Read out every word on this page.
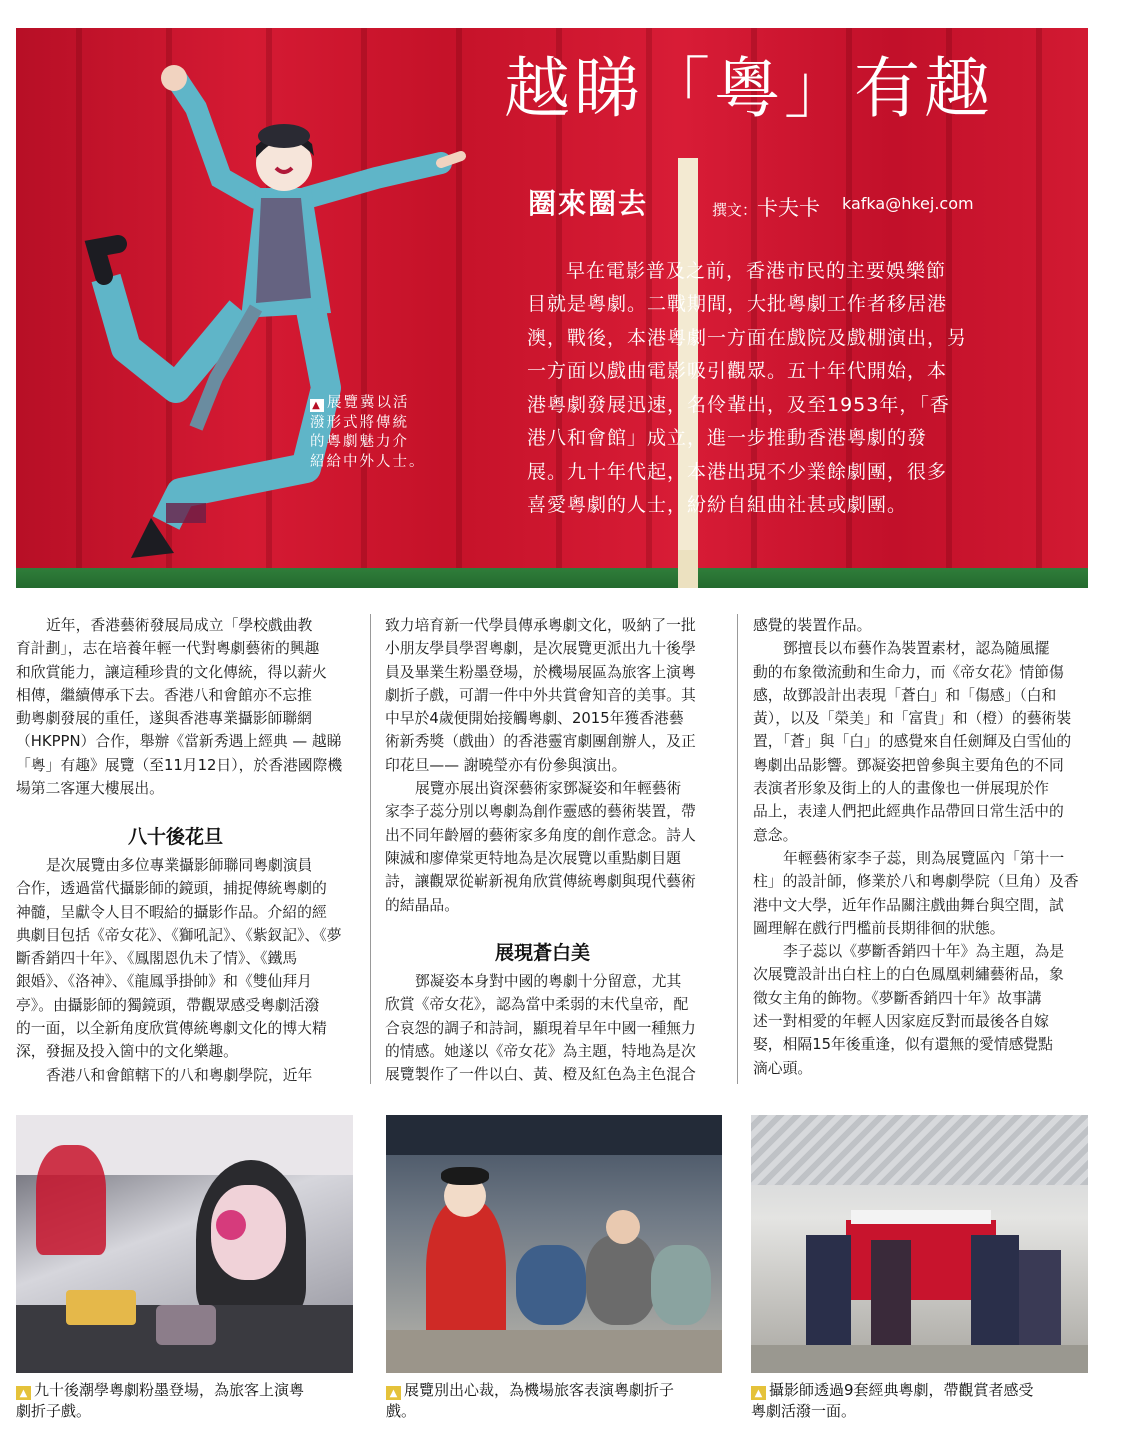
越睇「粵」有趣
圈來圈去	撰文：卡夫卡 kafka@hkej.com
早在電影普及之前，香港市民的主要娛樂節
目就是粵劇。二戰期間，大批粵劇工作者移居港
澳，戰後，本港粵劇一方面在戲院及戲棚演出，另
一方面以戲曲電影吸引觀眾。五十年代開始，本
港粵劇發展迅速，名伶輩出，及至1953年，「香
港八和會館」成立，進一步推動香港粵劇的發
展。九十年代起，本港出現不少業餘劇團，很多
喜愛粵劇的人士，紛紛自組曲社甚或劇團。
▲ 展覽冀以活
潑形式將傳統
的粵劇魅力介
紹給中外人士。
近年，香港藝術發展局成立「學校戲曲教
育計劃」，志在培養年輕一代對粵劇藝術的興趣
和欣賞能力，讓這種珍貴的文化傳統，得以薪火
相傳，繼續傳承下去。香港八和會館亦不忘推
動粵劇發展的重任，遂與香港專業攝影師聯網
（HKPPN）合作，舉辦《當新秀遇上經典 — 越睇
「粵」有趣》展覽（至11月12日），於香港國際機
場第二客運大樓展出。
八十後花旦
是次展覽由多位專業攝影師聯同粵劇演員
合作，透過當代攝影師的鏡頭，捕捉傳統粵劇的
神髓，呈獻令人目不暇給的攝影作品。介紹的經
典劇目包括《帝女花》、《獅吼記》、《紫釵記》、《夢
斷香銷四十年》、《鳳閣恩仇未了情》、《鐵馬
銀婚》、《洛神》、《龍鳳爭掛帥》和《雙仙拜月
亭》。由攝影師的獨鏡頭，帶觀眾感受粵劇活潑
的一面，以全新角度欣賞傳統粵劇文化的博大精
深，發掘及投入箇中的文化樂趣。
香港八和會館轄下的八和粵劇學院，近年
致力培育新一代學員傳承粵劇文化，吸納了一批
小朋友學員學習粵劇，是次展覽更派出九十後學
員及畢業生粉墨登場，於機場展區為旅客上演粵
劇折子戲，可謂一件中外共賞會知音的美事。其
中早於4歲便開始接觸粵劇、2015年獲香港藝
術新秀獎（戲曲）的香港靈宵劇團創辦人，及正
印花旦—— 謝曉瑩亦有份參與演出。
展覽亦展出資深藝術家鄧凝姿和年輕藝術
家李子蕊分別以粵劇為創作靈感的藝術裝置，帶
出不同年齡層的藝術家多角度的創作意念。詩人
陳滅和廖偉棠更特地為是次展覽以重點劇目題
詩，讓觀眾從嶄新視角欣賞傳統粵劇與現代藝術
的結晶品。
展現蒼白美
鄧凝姿本身對中國的粵劇十分留意，尤其
欣賞《帝女花》，認為當中柔弱的末代皇帝，配
合哀怨的調子和詩詞，顯現着早年中國一種無力
的情感。她遂以《帝女花》為主題，特地為是次
展覽製作了一件以白、黃、橙及紅色為主色混合
感覺的裝置作品。
鄧擅長以布藝作為裝置素材，認為隨風擺
動的布象徵流動和生命力，而《帝女花》情節傷
感，故鄧設計出表現「蒼白」和「傷感」（白和
黃），以及「榮美」和「富貴」和（橙）的藝術裝
置，「蒼」與「白」的感覺來自任劍輝及白雪仙的
粵劇出品影響。鄧凝姿把曾參與主要角色的不同
表演者形象及街上的人的畫像也一併展現於作
品上，表達人們把此經典作品帶回日常生活中的
意念。
年輕藝術家李子蕊，則為展覽區內「第十一
柱」的設計師，修業於八和粵劇學院（旦角）及香
港中文大學，近年作品關注戲曲舞台與空間，試
圖理解在戲行門檻前長期徘徊的狀態。
李子蕊以《夢斷香銷四十年》為主題，為是
次展覽設計出白柱上的白色鳳凰刺繡藝術品，象
徵女主角的飾物。《夢斷香銷四十年》故事講
述一對相愛的年輕人因家庭反對而最後各自嫁
娶，相隔15年後重逢，似有還無的愛情感覺點
滴心頭。
▲ 九十後潮學粵劇粉墨登場，為旅客上演粵
劇折子戲。
▲ 展覽別出心裁，為機場旅客表演粵劇折子
戲。
▲ 攝影師透過9套經典粵劇，帶觀賞者感受
粵劇活潑一面。
